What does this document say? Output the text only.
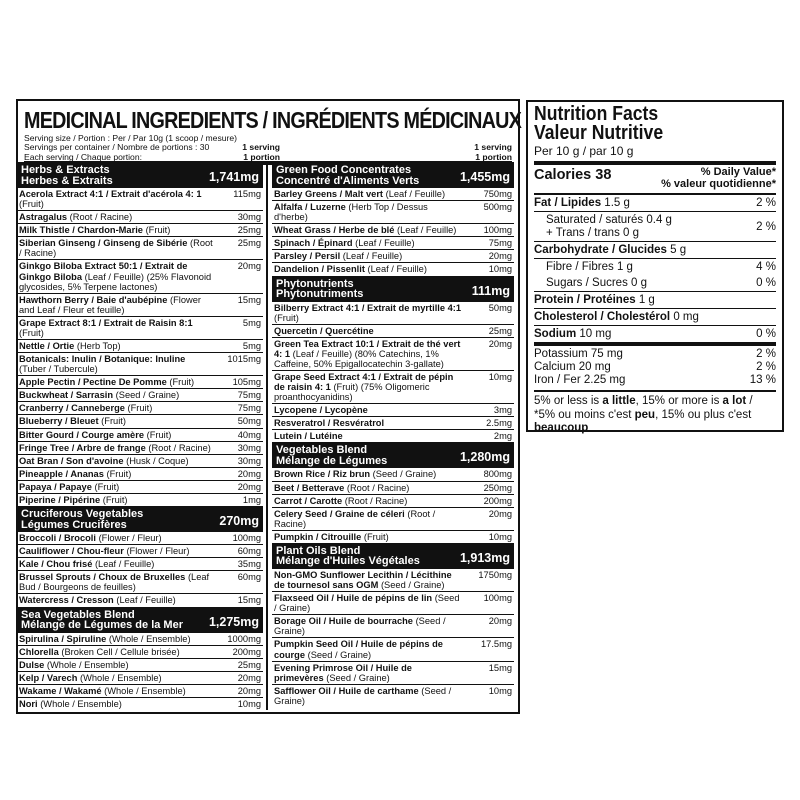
MEDICINAL INGREDIENTS / INGRÉDIENTS MÉDICINAUX
Serving size / Portion : Per / Par 10g (1 scoop / mesure)
Servings per container / Nombre de portions : 30	1 serving	1 serving
Each serving / Chaque portion:	1 portion	1 portion
Herbs & Extracts	1,741mg
Herbes & Extraits
Acerola Extract 4:1 / Extrait d'acérola 4: 1 (Fruit)
115mg
Astragalus (Root / Racine)	30mg
Milk Thistle / Chardon-Marie (Fruit)	25mg
Siberian Ginseng / Ginseng de Sibérie (Root / Racine)
25mg
Ginkgo Biloba Extract 50:1 / Extrait de Ginkgo Biloba (Leaf / Feuille) (25% Flavonoid glycosides, 5% Terpene lactones)
20mg
Hawthorn Berry / Baie d'aubépine (Flower and Leaf / Fleur et feuille)
15mg
Grape Extract 8:1 / Extrait de Raisin 8:1 (Fruit)
5mg
Nettle / Ortie (Herb Top)	5mg
Botanicals: Inulin / Botanique: Inuline (Tuber / Tubercule)
1015mg
Apple Pectin / Pectine De Pomme (Fruit)	105mg
Buckwheat / Sarrasin (Seed / Graine)	75mg
Cranberry / Canneberge (Fruit)	75mg
Blueberry / Bleuet (Fruit)	50mg
Bitter Gourd / Courge amère (Fruit)	40mg
Fringe Tree / Arbre de frange (Root / Racine)	30mg
Oat Bran / Son d'avoine (Husk / Coque)	30mg
Pineapple / Ananas (Fruit)	20mg
Papaya / Papaye (Fruit)	20mg
Piperine / Pipérine (Fruit)	1mg
Cruciferous Vegetables	270mg
Légumes Crucifères
Broccoli / Brocoli (Flower / Fleur)	100mg
Cauliflower / Chou-fleur (Flower / Fleur)	60mg
Kale / Chou frisé (Leaf / Feuille)	35mg
Brussel Sprouts / Choux de Bruxelles (Leaf Bud / Bourgeons de feuilles)
60mg
Watercress / Cresson (Leaf / Feuille)	15mg
Sea Vegetables Blend	1,275mg
Mélange de Légumes de la Mer
Spirulina / Spiruline (Whole / Ensemble)	1000mg
Chlorella (Broken Cell / Cellule brisée)	200mg
Dulse (Whole / Ensemble)	25mg
Kelp / Varech (Whole / Ensemble)	20mg
Wakame / Wakamé (Whole / Ensemble)	20mg
Nori (Whole / Ensemble)	10mg
Green Food Concentrates	1,455mg
Concentré d'Aliments Verts
Barley Greens / Malt vert (Leaf / Feuille)	750mg
Alfalfa / Luzerne (Herb Top / Dessus d'herbe)
500mg
Wheat Grass / Herbe de blé (Leaf / Feuille)	100mg
Spinach / Épinard (Leaf / Feuille)	75mg
Parsley / Persil (Leaf / Feuille)	20mg
Dandelion / Pissenlit (Leaf / Feuille)	10mg
Phytonutrients	111mg
Phytonutriments
Bilberry Extract 4:1 / Extrait de myrtille 4:1 (Fruit)
50mg
Quercetin / Quercétine	25mg
Green Tea Extract 10:1 / Extrait de thé vert 4: 1 (Leaf / Feuille) (80% Catechins, 1% Caffeine, 50% Epigallocatechin 3-gallate)
20mg
Grape Seed Extract 4:1 / Extrait de pépin de raisin 4: 1 (Fruit) (75% Oligomeric proanthocyanidins)
10mg
Lycopene / Lycopène	3mg
Resveratrol / Resvératrol	2.5mg
Lutein / Lutéine	2mg
Vegetables Blend	1,280mg
Mélange de Légumes
Brown Rice / Riz brun (Seed / Graine)	800mg
Beet / Betterave (Root / Racine)	250mg
Carrot / Carotte (Root / Racine)	200mg
Celery Seed / Graine de céleri (Root / Racine)
20mg
Pumpkin / Citrouille (Fruit)	10mg
Plant Oils Blend	1,913mg
Mélange d'Huiles Végétales
Non-GMO Sunflower Lecithin / Lécithine de tournesol sans OGM (Seed / Graine)
1750mg
Flaxseed Oil / Huile de pépins de lin (Seed / Graine)
100mg
Borage Oil / Huile de bourrache (Seed / Graine)
20mg
Pumpkin Seed Oil / Huile de pépins de courge (Seed / Graine)
17.5mg
Evening Primrose Oil / Huile de primevères (Seed / Graine)
15mg
Safflower Oil / Huile de carthame (Seed / Graine)
10mg
Nutrition Facts
Valeur Nutritive
Per 10 g / par 10 g
Calories 38	% Daily Value*
% valeur quotidienne*
Fat / Lipides 1.5 g	2 %
Saturated / saturés 0.4 g
+ Trans / trans 0 g	2 %
Carbohydrate / Glucides 5 g
Fibre / Fibres 1 g	4 %
Sugars / Sucres 0 g	0 %
Protein / Protéines 1 g
Cholesterol / Cholestérol 0 mg
Sodium 10 mg	0 %
Potassium 75 mg	2 %
Calcium 20 mg	2 %
Iron / Fer 2.25 mg	13 %
5% or less is a little, 15% or more is a lot / *5% ou moins c'est peu, 15% ou plus c'est beaucoup
